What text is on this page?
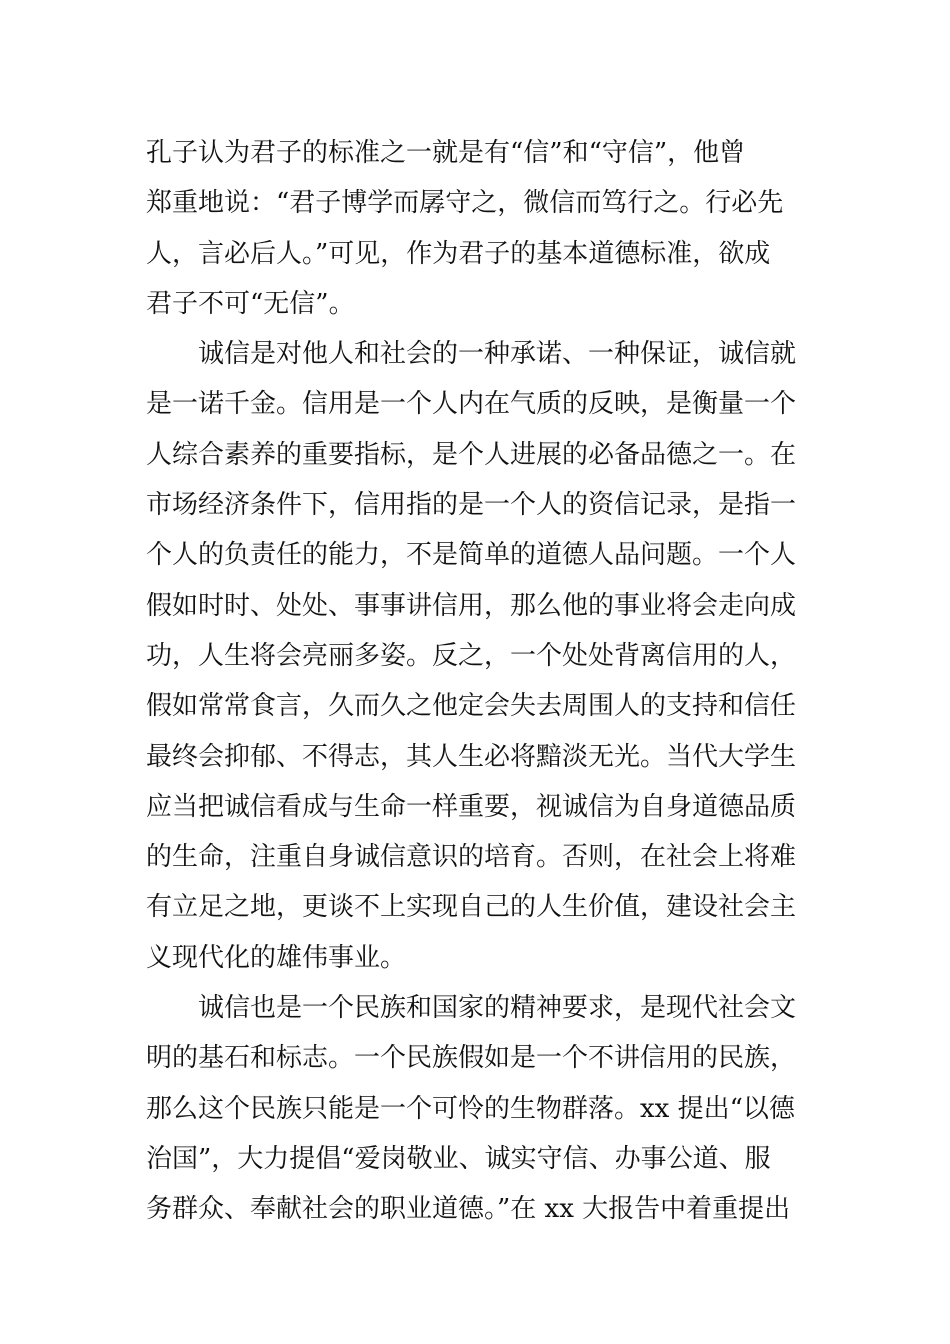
孔子认为君子的标准之一就是有“信”和“守信”，他曾
郑重地说：“君子博学而孱守之，微信而笃行之。行必先
人，言必后人。”可见，作为君子的基本道德标准，欲成
君子不可“无信”。
诚信是对他人和社会的一种承诺、一种保证，诚信就
是一诺千金。信用是一个人内在气质的反映，是衡量一个
人综合素养的重要指标，是个人进展的必备品德之一。在
市场经济条件下，信用指的是一个人的资信记录，是指一
个人的负责任的能力，不是简单的道德人品问题。一个人
假如时时、处处、事事讲信用，那么他的事业将会走向成
功，人生将会亮丽多姿。反之，一个处处背离信用的人，
假如常常食言，久而久之他定会失去周围人的支持和信任
最终会抑郁、不得志，其人生必将黯淡无光。当代大学生
应当把诚信看成与生命一样重要，视诚信为自身道德品质
的生命，注重自身诚信意识的培育。否则，在社会上将难
有立足之地，更谈不上实现自己的人生价值，建设社会主
义现代化的雄伟事业。
诚信也是一个民族和国家的精神要求，是现代社会文
明的基石和标志。一个民族假如是一个不讲信用的民族，
那么这个民族只能是一个可怜的生物群落。xx 提出“以德
治国”，大力提倡“爱岗敬业、诚实守信、办事公道、服
务群众、奉献社会的职业道德。”在 xx 大报告中着重提出
